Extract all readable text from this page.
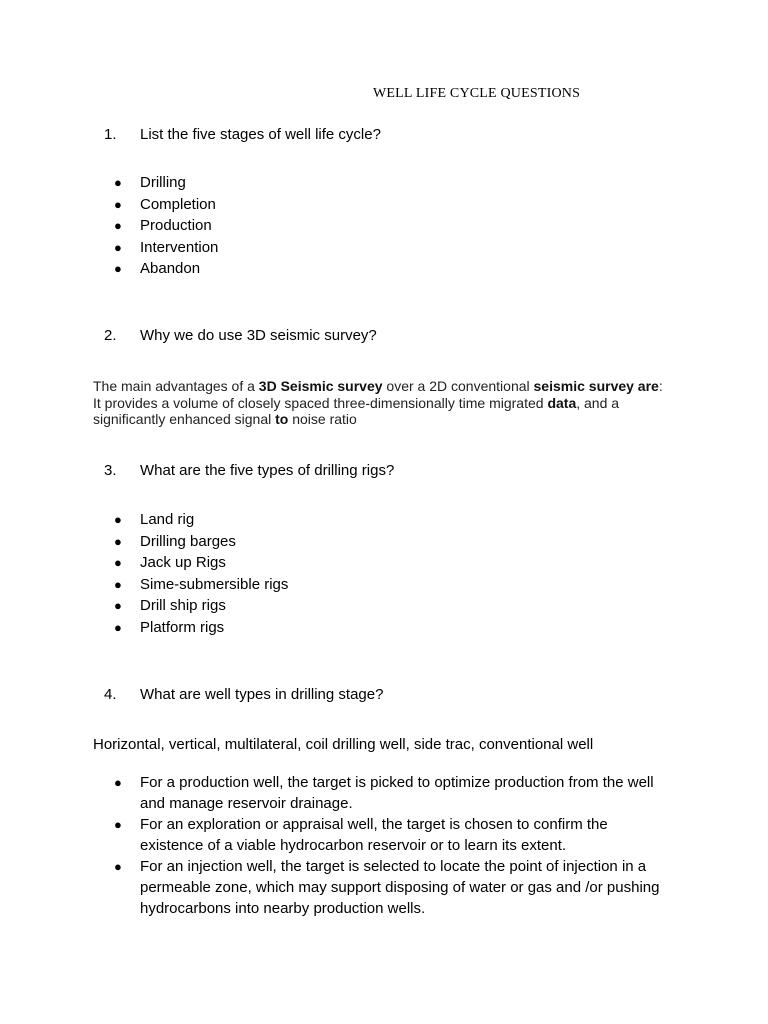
WELL LIFE CYCLE QUESTIONS
1. List the five stages of well life cycle?
● Drilling
● Completion
● Production
● Intervention
● Abandon
2. Why we do use 3D seismic survey?
The main advantages of a 3D Seismic survey over a 2D conventional seismic survey are: It provides a volume of closely spaced three-dimensionally time migrated data, and a significantly enhanced signal to noise ratio
3. What are the five types of drilling rigs?
● Land rig
● Drilling barges
● Jack up Rigs
● Sime-submersible rigs
● Drill ship rigs
● Platform rigs
4. What are well types in drilling stage?
Horizontal, vertical, multilateral, coil drilling well, side trac, conventional well
● For a production well, the target is picked to optimize production from the well and manage reservoir drainage.
● For an exploration or appraisal well, the target is chosen to confirm the existence of a viable hydrocarbon reservoir or to learn its extent.
● For an injection well, the target is selected to locate the point of injection in a permeable zone, which may support disposing of water or gas and /or pushing hydrocarbons into nearby production wells.
